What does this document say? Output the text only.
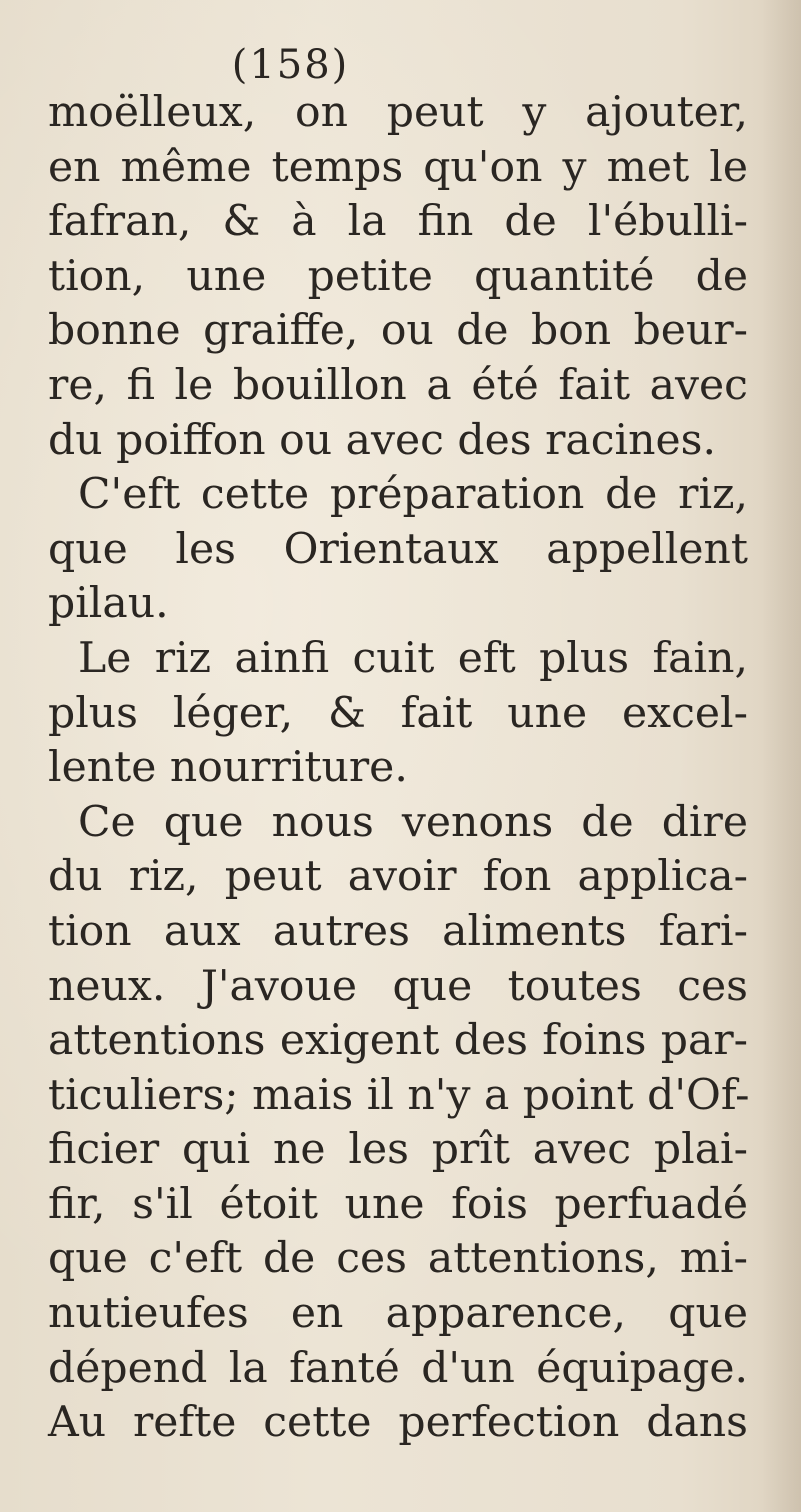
(158)
moëlleux, on peut y ajouter,
en même temps qu'on y met le
fafran, & à la fin de l'ébulli-
tion, une petite quantité de
bonne graiffe, ou de bon beur-
re, fi le bouillon a été fait avec
du poiffon ou avec des racines.
C'eft cette préparation de riz,
que les Orientaux appellent
pilau.
Le riz ainfi cuit eft plus fain,
plus léger, & fait une excel-
lente nourriture.
Ce que nous venons de dire
du riz, peut avoir fon applica-
tion aux autres aliments fari-
neux. J'avoue que toutes ces
attentions exigent des foins par-
ticuliers; mais il n'y a point d'Of-
ficier qui ne les prît avec plai-
fir, s'il étoit une fois perfuadé
que c'eft de ces attentions, mi-
nutieufes en apparence, que
dépend la fanté d'un équipage.
Au refte cette perfection dans
